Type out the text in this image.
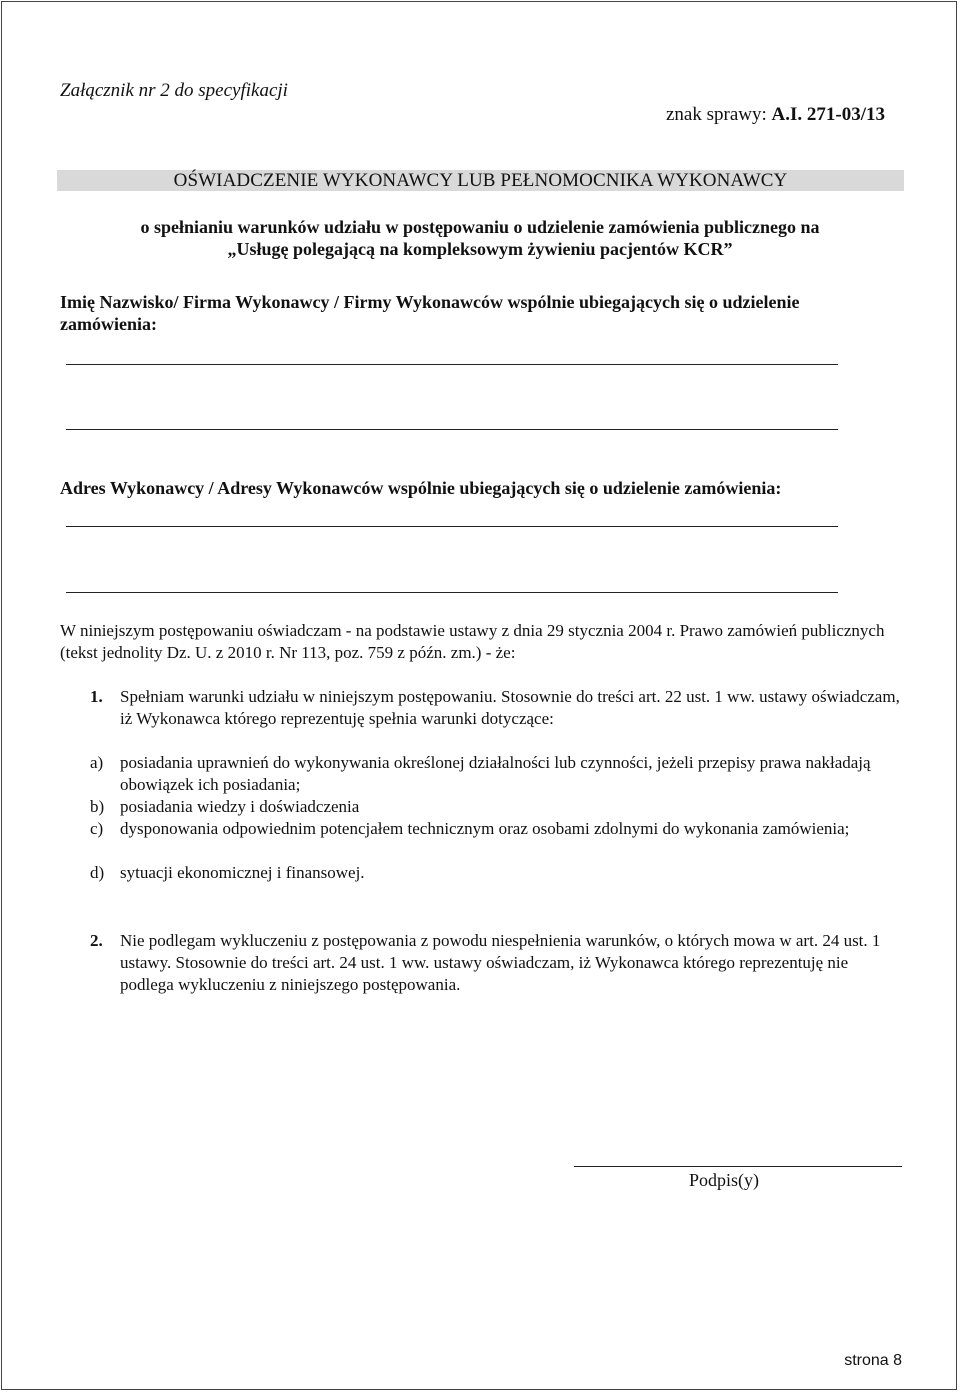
Załącznik nr 2 do specyfikacji
znak sprawy: A.I. 271-03/13
OŚWIADCZENIE WYKONAWCY LUB PEŁNOMOCNIKA WYKONAWCY
o spełnianiu warunków udziału w postępowaniu o udzielenie zamówienia publicznego na
„Usługę polegającą na kompleksowym żywieniu pacjentów KCR”
Imię Nazwisko/ Firma Wykonawcy / Firmy Wykonawców wspólnie ubiegających się o udzielenie zamówienia:
Adres Wykonawcy / Adresy Wykonawców wspólnie ubiegających się o udzielenie zamówienia:
W niniejszym postępowaniu oświadczam - na podstawie ustawy z dnia 29 stycznia 2004 r. Prawo zamówień publicznych (tekst jednolity Dz. U. z 2010 r. Nr 113, poz. 759 z późn. zm.) - że:
1. Spełniam warunki udziału w niniejszym postępowaniu. Stosownie do treści art. 22 ust. 1 ww. ustawy oświadczam, iż Wykonawca którego reprezentuję spełnia warunki dotyczące:
a) posiadania uprawnień do wykonywania określonej działalności lub czynności, jeżeli przepisy prawa nakładają obowiązek ich posiadania;
b) posiadania wiedzy i doświadczenia
c) dysponowania odpowiednim potencjałem technicznym oraz osobami zdolnymi do wykonania zamówienia;
d) sytuacji ekonomicznej i finansowej.
2. Nie podlegam wykluczeniu z postępowania z powodu niespełnienia warunków, o których mowa w art. 24 ust. 1 ustawy. Stosownie do treści art. 24 ust. 1 ww. ustawy oświadczam, iż Wykonawca którego reprezentuję nie podlega wykluczeniu z niniejszego postępowania.
Podpis(y)
strona 8
